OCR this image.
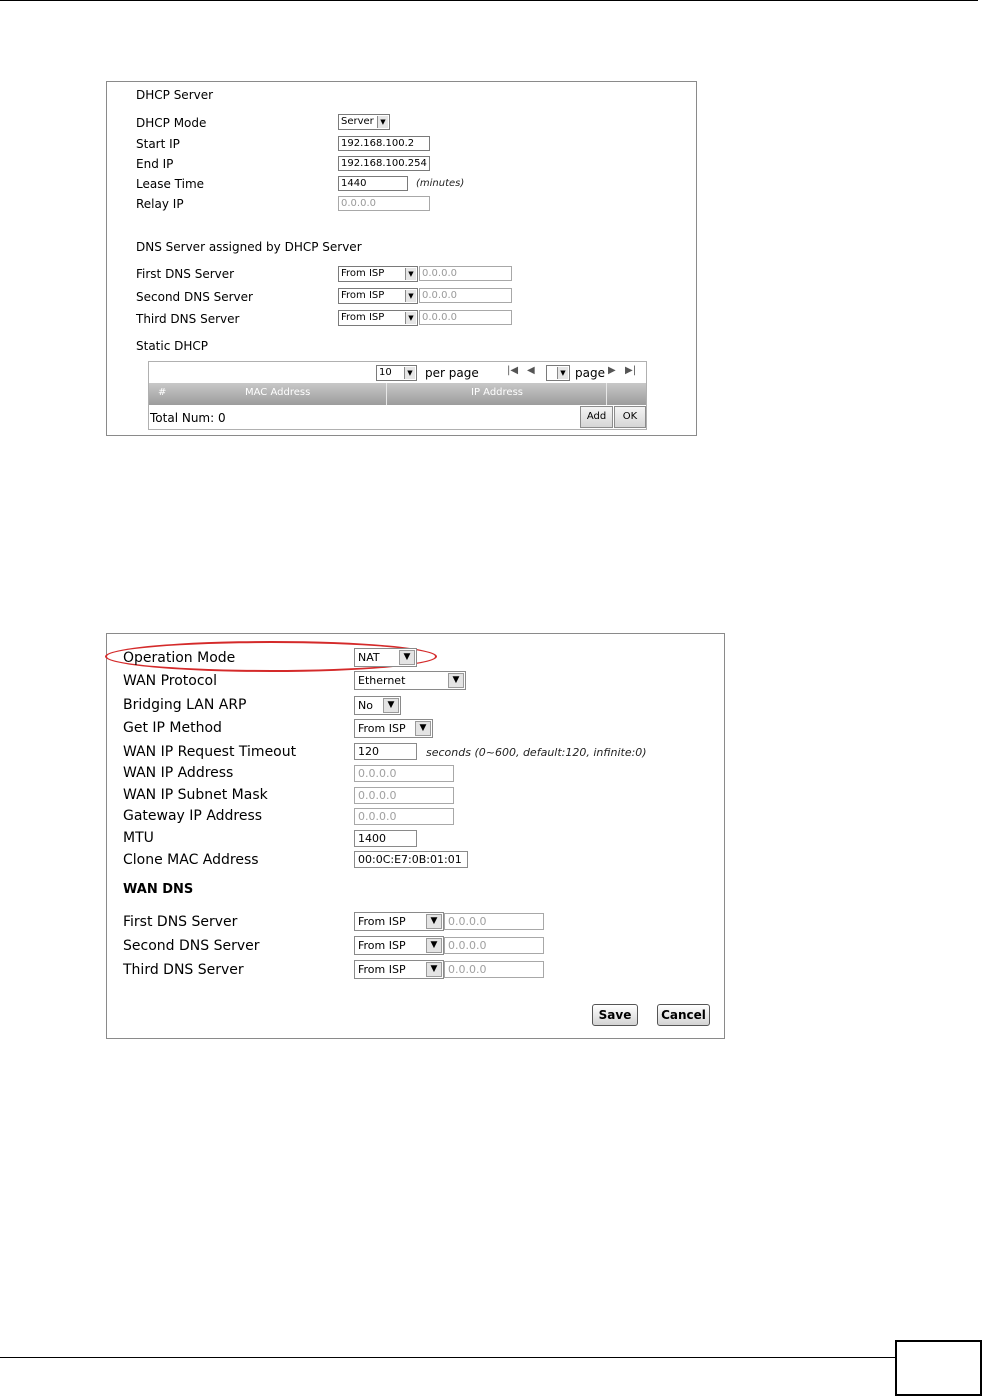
DHCP Server
DHCP Mode	Server ▼
Start IP	192.168.100.2
End IP	192.168.100.254
Lease Time	1440	(minutes)
Relay IP	0.0.0.0
DNS Server assigned by DHCP Server
First DNS Server	From ISP	▼ 0.0.0.0
Second DNS Server	From ISP	▼ 0.0.0.0
Third DNS Server	From ISP	▼ 0.0.0.0
Static DHCP
10	▼ per page	|◀ ◀	▼ page ▶ ▶|
#	MAC Address	IP Address
Total Num: 0	Add	OK
Operation Mode	NAT	▼
WAN Protocol	Ethernet	▼
Bridging LAN ARP	No	▼
Get IP Method	From ISP	▼
WAN IP Request Timeout	120	seconds (0~600, default:120, infinite:0)
WAN IP Address	0.0.0.0
WAN IP Subnet Mask	0.0.0.0
Gateway IP Address	0.0.0.0
MTU	1400
Clone MAC Address	00:0C:E7:0B:01:01
WAN DNS
First DNS Server	From ISP	▼ 0.0.0.0
Second DNS Server	From ISP	▼ 0.0.0.0
Third DNS Server	From ISP	▼ 0.0.0.0
Save	Cancel
